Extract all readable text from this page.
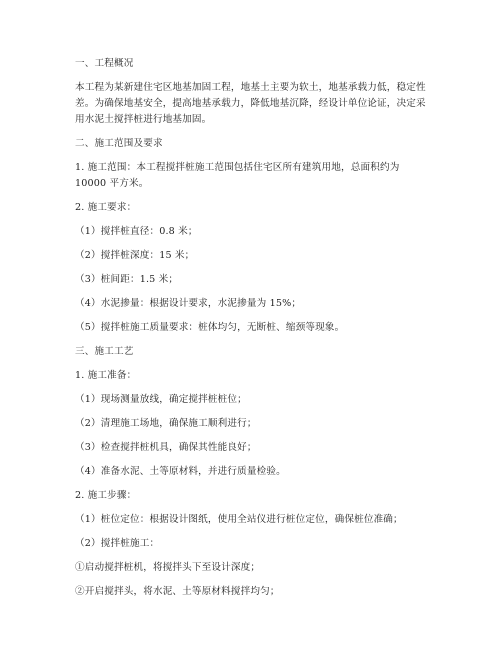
一、工程概况
本工程为某新建住宅区地基加固工程，地基土主要为软土，地基承载力低，稳定性
差。为确保地基安全，提高地基承载力，降低地基沉降，经设计单位论证，决定采
用水泥土搅拌桩进行地基加固。
二、施工范围及要求
1. 施工范围：本工程搅拌桩施工范围包括住宅区所有建筑用地，总面积约为
10000 平方米。
2. 施工要求：
（1）搅拌桩直径：0.8 米；
（2）搅拌桩深度：15 米；
（3）桩间距：1.5 米；
（4）水泥掺量：根据设计要求，水泥掺量为 15%；
（5）搅拌桩施工质量要求：桩体均匀，无断桩、缩颈等现象。
三、施工工艺
1. 施工准备：
（1）现场测量放线，确定搅拌桩桩位；
（2）清理施工场地，确保施工顺利进行；
（3）检查搅拌桩机具，确保其性能良好；
（4）准备水泥、土等原材料，并进行质量检验。
2. 施工步骤：
（1）桩位定位：根据设计图纸，使用全站仪进行桩位定位，确保桩位准确；
（2）搅拌桩施工：
①启动搅拌桩机，将搅拌头下至设计深度；
②开启搅拌头，将水泥、土等原材料搅拌均匀；
